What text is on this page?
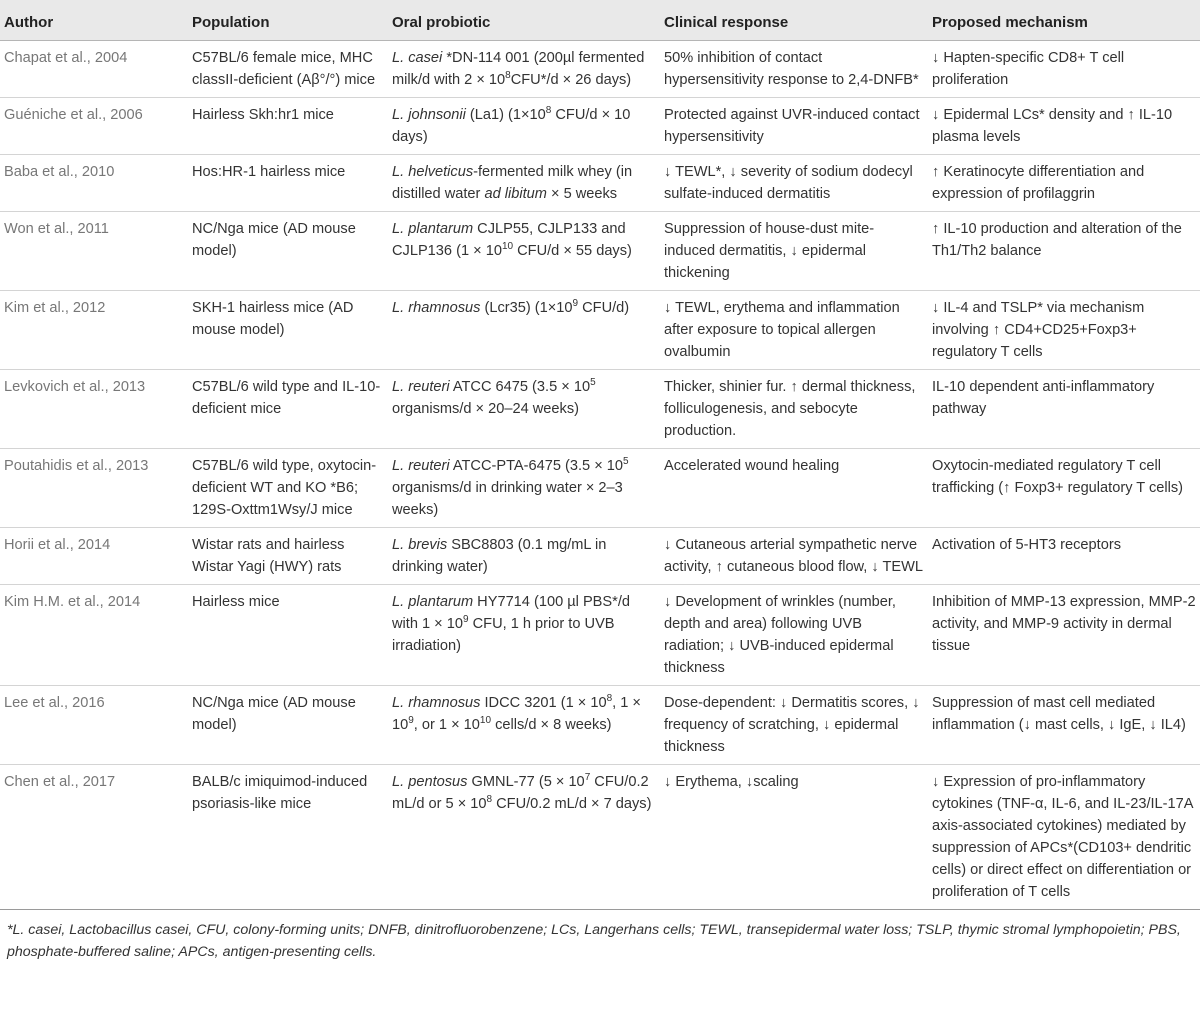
Author	Population	Oral probiotic	Clinical response	Proposed mechanism
Chapat et al., 2004	C57BL/6 female mice, MHC classII-deficient (Aβ°/°) mice	L. casei *DN-114 001 (200µl fermented milk/d with $2 \times 10^8CFU*/d \times 26$ days)	50% inhibition of contact hypersensitivity response to 2,4-DNFB*	↓ Hapten-specific CD8+ T cell proliferation
Guéniche et al., 2006	Hairless Skh:hr1 mice	L. johnsonii (La1) ($1\times 10^8$ CFU/d × 10 days)	Protected against UVR-induced contact hypersensitivity	↓ Epidermal LCs* density and ↑ IL-10 plasma levels
Baba et al., 2010	Hos:HR-1 hairless mice	L. helveticus-fermented milk whey (in distilled water ad libitum × 5 weeks	↓ TEWL*, ↓ severity of sodium dodecyl sulfate-induced dermatitis	↑ Keratinocyte differentiation and expression of profilaggrin
Won et al., 2011	NC/Nga mice (AD mouse model)	L. plantarum CJLP55, CJLP133 and CJLP136 ($1 \times 10^{10}$ CFU/d × 55 days)	Suppression of house-dust mite-induced dermatitis, ↓ epidermal thickening	↑ IL-10 production and alteration of the Th1/Th2 balance
Kim et al., 2012	SKH-1 hairless mice (AD mouse model)	L. rhamnosus (Lcr35) ($1\times 10^9$ CFU/d)	↓ TEWL, erythema and inflammation after exposure to topical allergen ovalbumin	↓ IL-4 and TSLP* via mechanism involving ↑ CD4+CD25+Foxp3+ regulatory T cells
Levkovich et al., 2013	C57BL/6 wild type and IL-10-deficient mice	L. reuteri ATCC 6475 ($3.5 \times 10^5$ organisms/d × 20–24 weeks)	Thicker, shinier fur. ↑ dermal thickness, folliculogenesis, and sebocyte production.	IL-10 dependent anti-inflammatory pathway
Poutahidis et al., 2013	C57BL/6 wild type, oxytocin-deficient WT and KO *B6; 129S-Oxttm1Wsy/J mice	L. reuteri ATCC-PTA-6475 ($3.5 \times 10^5$ organisms/d in drinking water × 2–3 weeks)	Accelerated wound healing	Oxytocin-mediated regulatory T cell trafficking (↑ Foxp3+ regulatory T cells)
Horii et al., 2014	Wistar rats and hairless Wistar Yagi (HWY) rats	L. brevis SBC8803 (0.1 mg/mL in drinking water)	↓ Cutaneous arterial sympathetic nerve activity, ↑ cutaneous blood flow, ↓ TEWL	Activation of 5-HT3 receptors
Kim H.M. et al., 2014	Hairless mice	L. plantarum HY7714 (100 µl PBS*/d with $1 \times 10^9$ CFU, 1 h prior to UVB irradiation)	↓ Development of wrinkles (number, depth and area) following UVB radiation; ↓ UVB-induced epidermal thickness	Inhibition of MMP-13 expression, MMP-2 activity, and MMP-9 activity in dermal tissue
Lee et al., 2016	NC/Nga mice (AD mouse model)	L. rhamnosus IDCC 3201 ($1 \times 10^8$, $1 \times 10^9$, or $1 \times 10^{10}$ cells/d × 8 weeks)	Dose-dependent: ↓ Dermatitis scores, ↓ frequency of scratching, ↓ epidermal thickness	Suppression of mast cell mediated inflammation (↓ mast cells, ↓ IgE, ↓ IL4)
Chen et al., 2017	BALB/c imiquimod-induced psoriasis-like mice	L. pentosus GMNL-77 ($5 \times 10^7$ CFU/0.2 mL/d or $5 \times 10^8$ CFU/0.2 mL/d × 7 days)	↓ Erythema, ↓scaling	↓ Expression of pro-inflammatory cytokines (TNF-α, IL-6, and IL-23/IL-17A axis-associated cytokines) mediated by suppression of APCs*(CD103+ dendritic cells) or direct effect on differentiation or proliferation of T cells
*L. casei, Lactobacillus casei, CFU, colony-forming units; DNFB, dinitrofluorobenzene; LCs, Langerhans cells; TEWL, transepidermal water loss; TSLP, thymic stromal lymphopoietin; PBS, phosphate-buffered saline; APCs, antigen-presenting cells.
